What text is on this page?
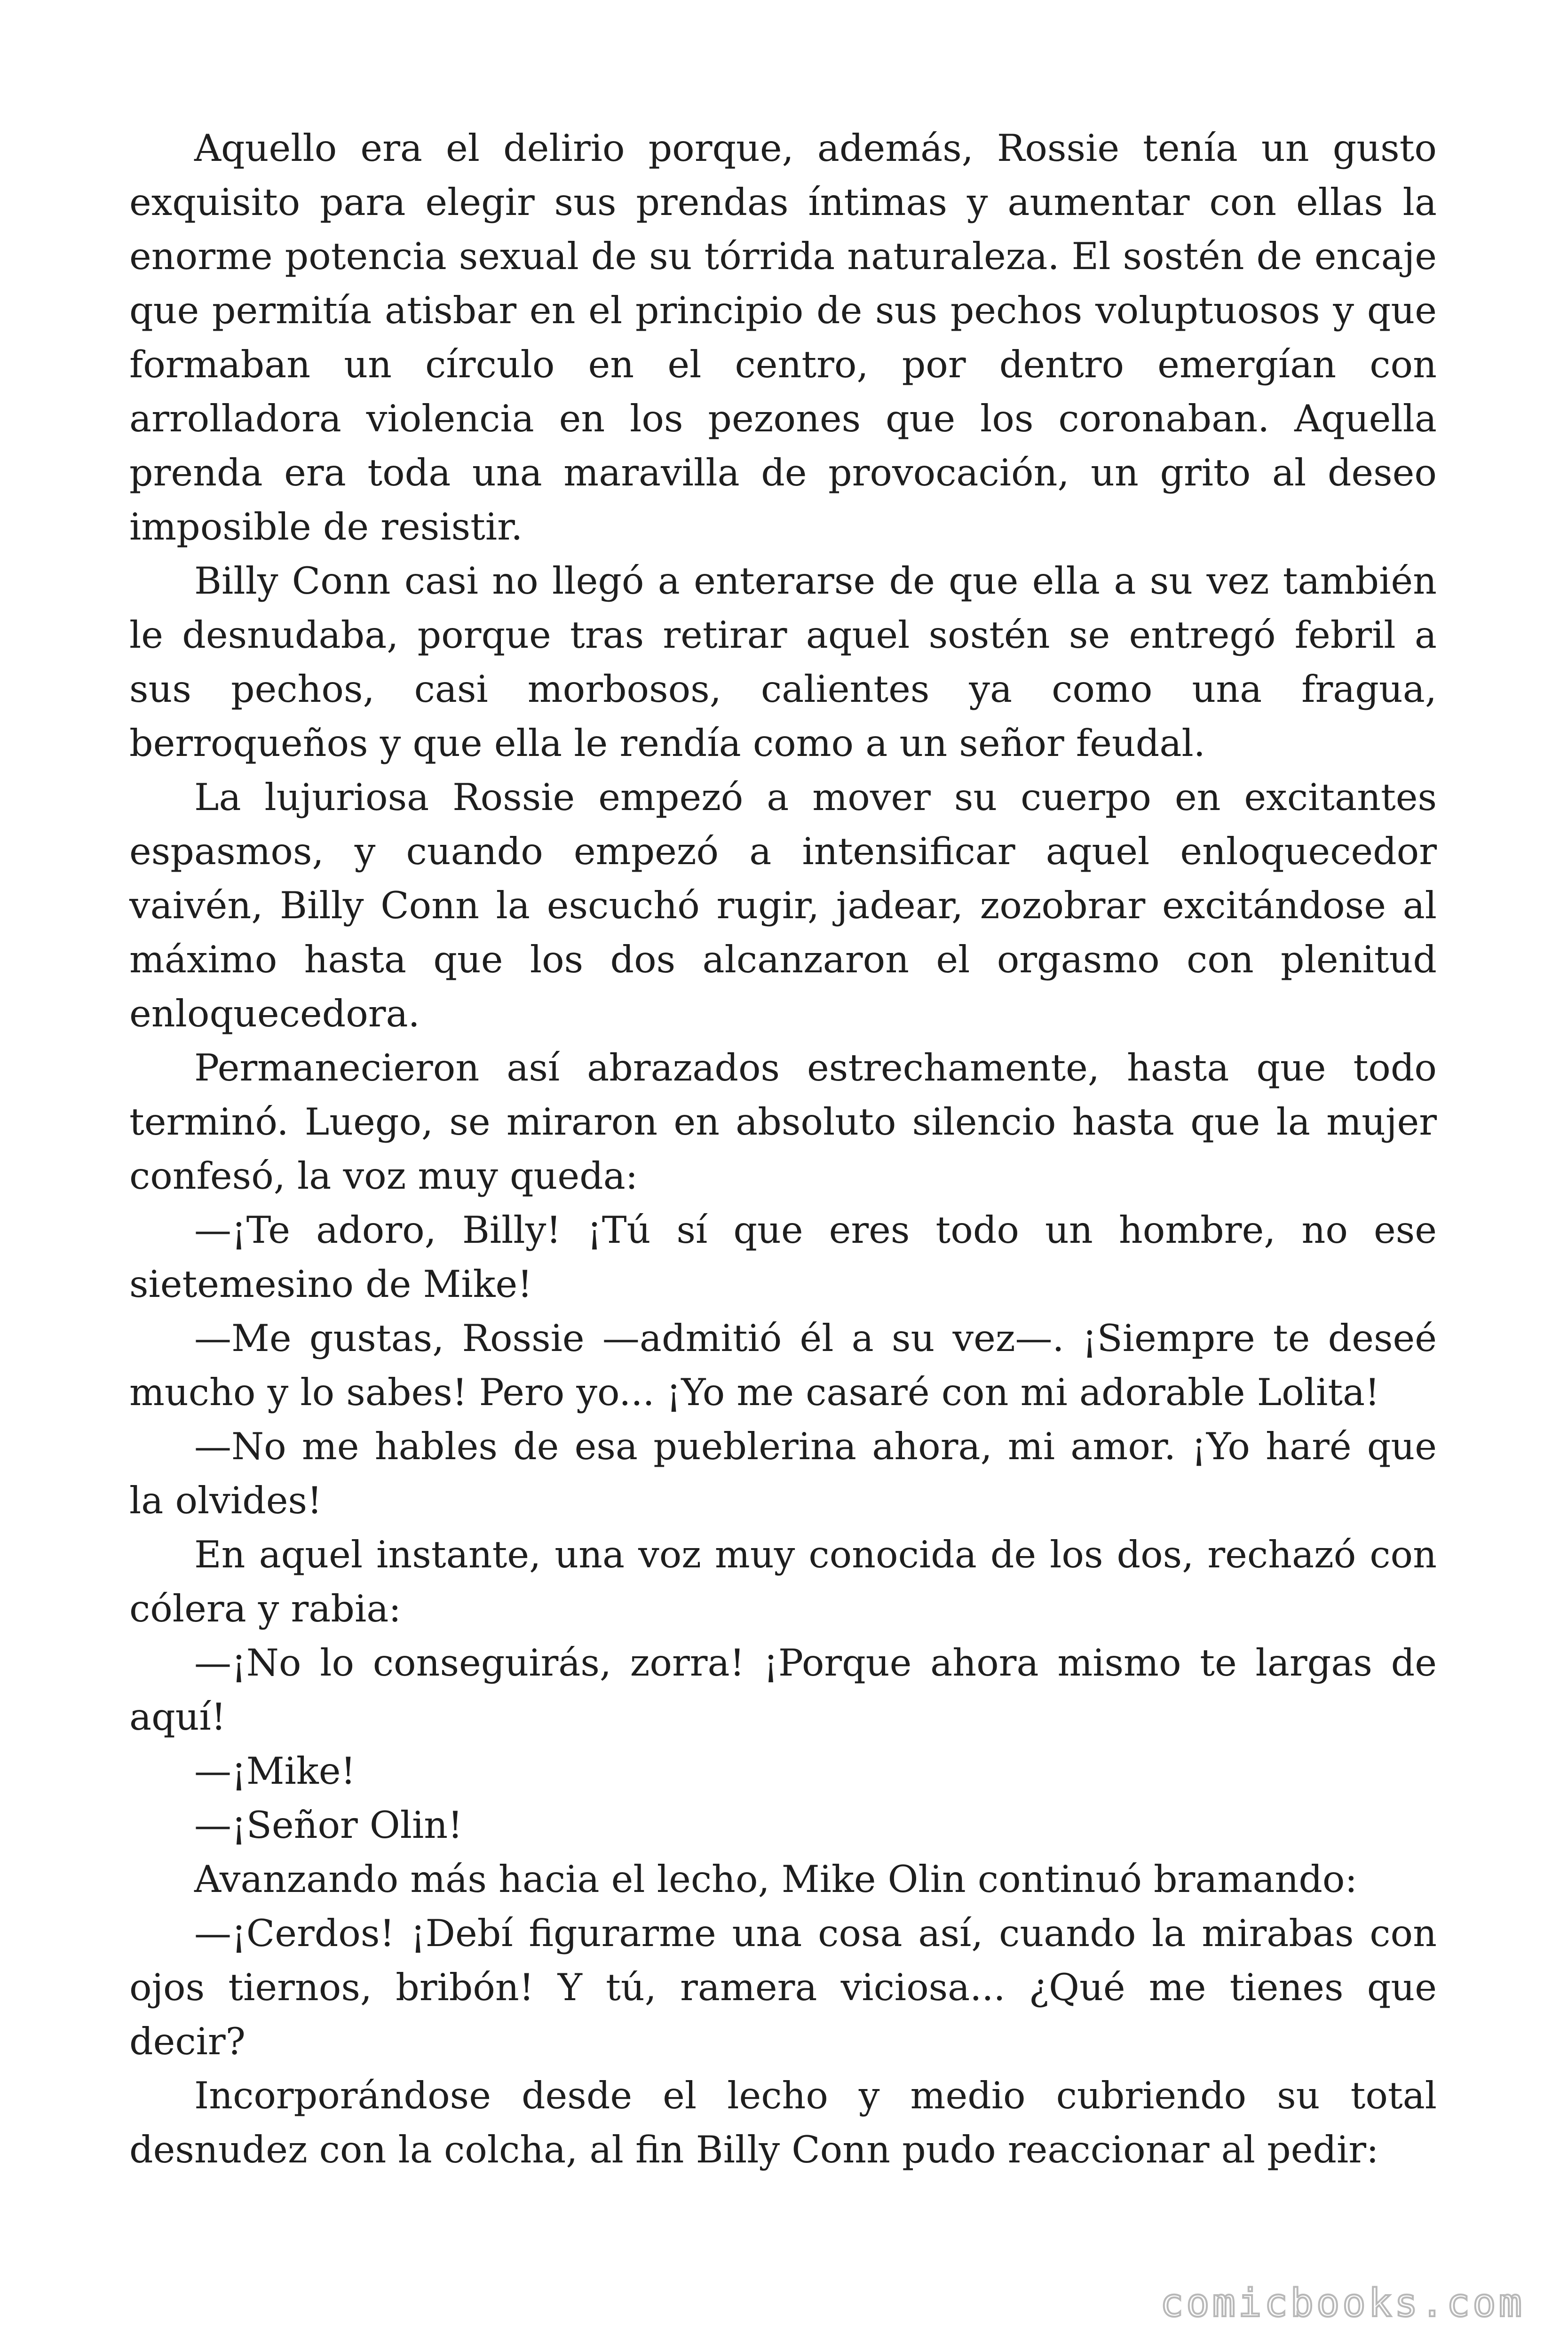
Aquello era el delirio porque, además, Rossie tenía un gusto exquisito para elegir sus prendas íntimas y aumentar con ellas la enorme potencia sexual de su tórrida naturaleza. El sostén de encaje que permitía atisbar en el principio de sus pechos voluptuosos y que formaban un círculo en el centro, por dentro emergían con arrolladora violencia en los pezones que los coronaban. Aquella prenda era toda una maravilla de provocación, un grito al deseo imposible de resistir.

Billy Conn casi no llegó a enterarse de que ella a su vez también le desnudaba, porque tras retirar aquel sostén se entregó febril a sus pechos, casi morbosos, calientes ya como una fragua, berroqueños y que ella le rendía como a un señor feudal.

La lujuriosa Rossie empezó a mover su cuerpo en excitantes espasmos, y cuando empezó a intensificar aquel enloquecedor vaivén, Billy Conn la escuchó rugir, jadear, zozobrar excitándose al máximo hasta que los dos alcanzaron el orgasmo con plenitud enloquecedora.

Permanecieron así abrazados estrechamente, hasta que todo terminó. Luego, se miraron en absoluto silencio hasta que la mujer confesó, la voz muy queda:

—¡Te adoro, Billy! ¡Tú sí que eres todo un hombre, no ese sietemesino de Mike!

—Me gustas, Rossie —admitió él a su vez—. ¡Siempre te deseé mucho y lo sabes! Pero yo... ¡Yo me casaré con mi adorable Lolita!

—No me hables de esa pueblerina ahora, mi amor. ¡Yo haré que la olvides!

En aquel instante, una voz muy conocida de los dos, rechazó con cólera y rabia:

—¡No lo conseguirás, zorra! ¡Porque ahora mismo te largas de aquí!

—¡Mike!

—¡Señor Olin!

Avanzando más hacia el lecho, Mike Olin continuó bramando:

—¡Cerdos! ¡Debí figurarme una cosa así, cuando la mirabas con ojos tiernos, bribón! Y tú, ramera viciosa... ¿Qué me tienes que decir?

Incorporándose desde el lecho y medio cubriendo su total desnudez con la colcha, al fin Billy Conn pudo reaccionar al pedir:

comicbooks.com
